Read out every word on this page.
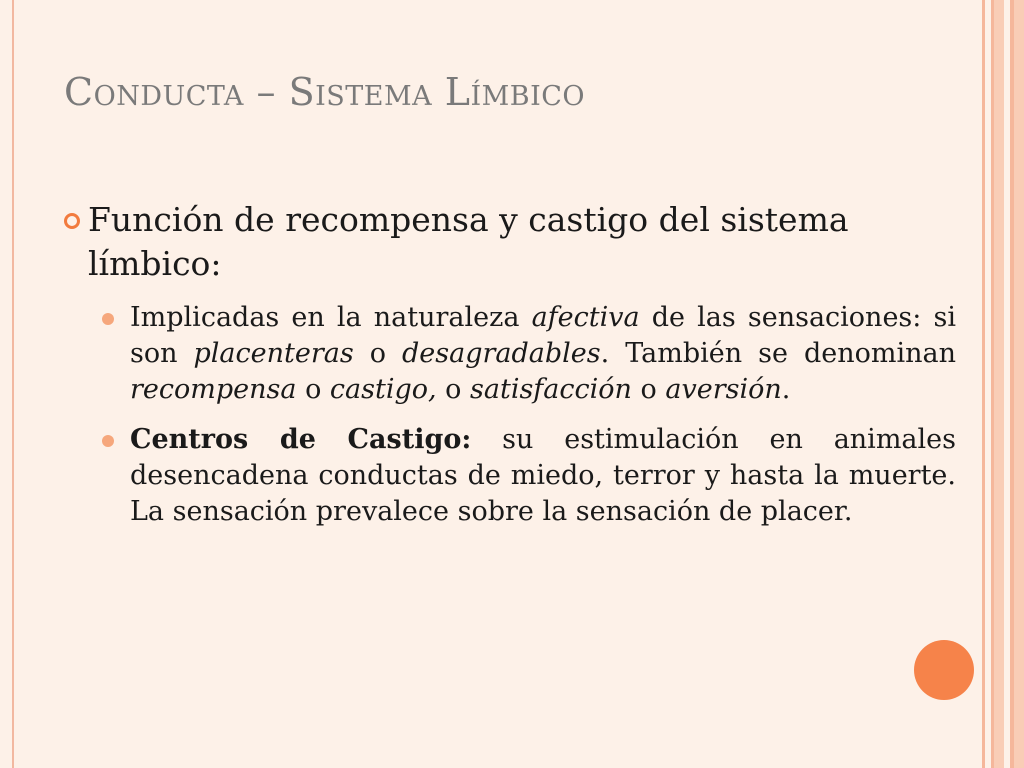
Conducta – Sistema Límbico
Función de recompensa y castigo del sistema límbico:
Implicadas en la naturaleza afectiva de las sensaciones: si son placenteras o desagradables. También se denominan recompensa o castigo, o satisfacción o aversión.
Centros de Castigo: su estimulación en animales desencadena conductas de miedo, terror y hasta la muerte. La sensación prevalece sobre la sensación de placer.
